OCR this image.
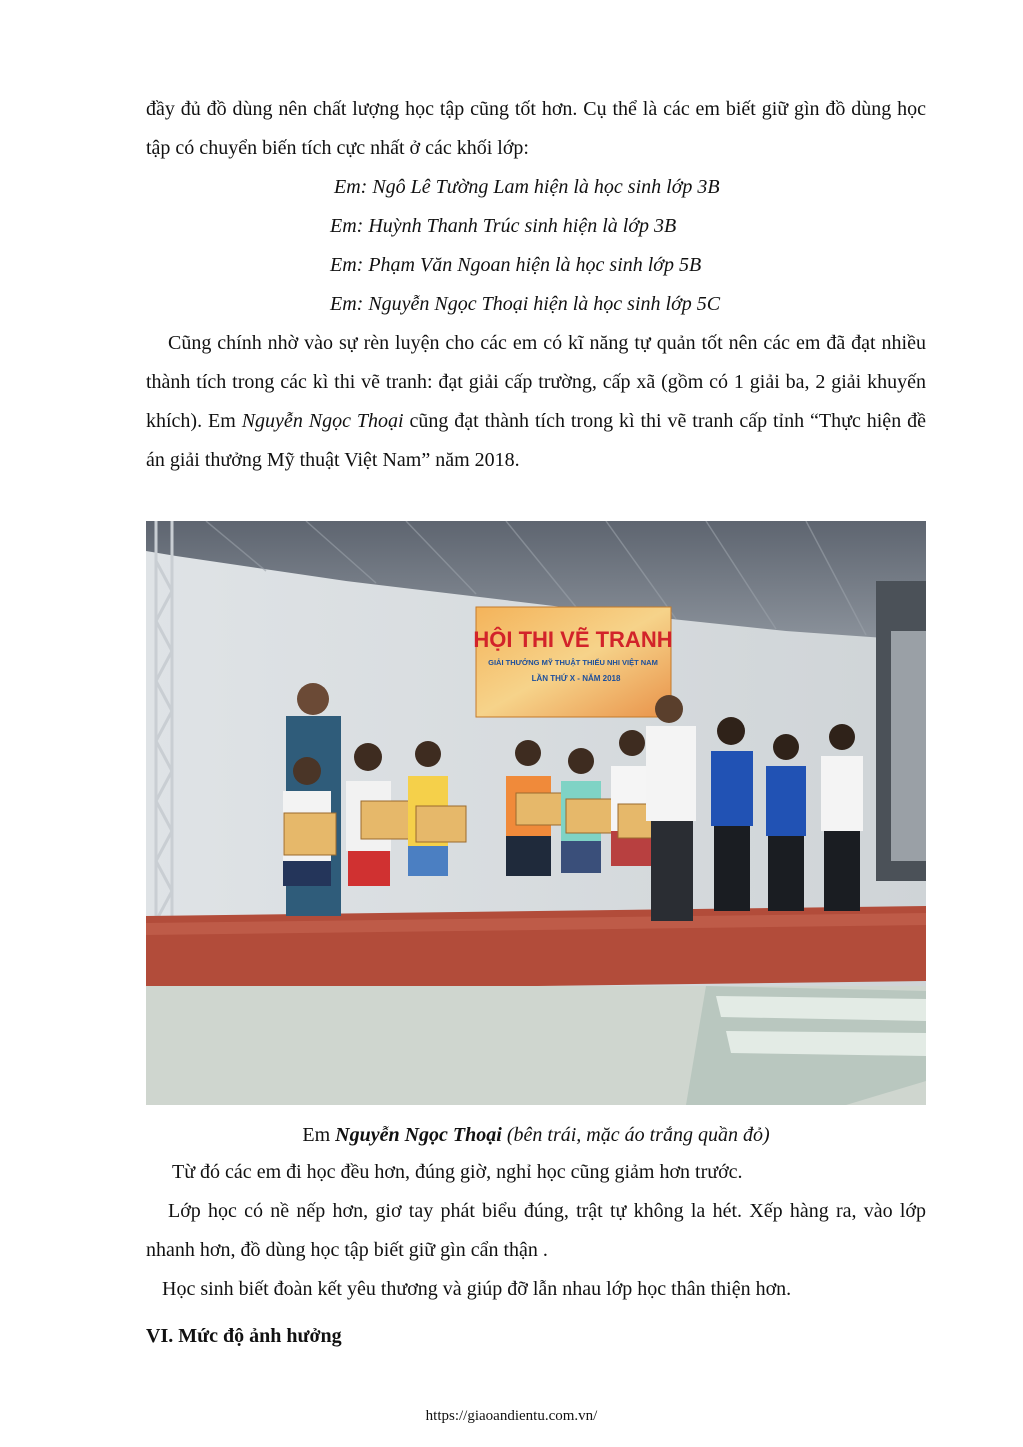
đầy đủ đồ dùng nên chất lượng học tập cũng tốt hơn. Cụ thể là các em biết giữ gìn đồ dùng học tập có chuyển biến tích cực nhất ở các khối lớp:

Em: Ngô Lê Tường Lam hiện là học sinh lớp 3B

Em: Huỳnh Thanh Trúc sinh hiện là lớp 3B

Em: Phạm Văn Ngoan hiện là học sinh lớp 5B

Em: Nguyễn Ngọc Thoại hiện là học sinh lớp 5C

Cũng chính nhờ vào sự rèn luyện cho các em có kĩ năng tự quản tốt nên các em đã đạt nhiều thành tích trong các kì thi vẽ tranh: đạt giải cấp trường, cấp xã (gồm có 1 giải ba, 2 giải khuyến khích). Em Nguyễn Ngọc Thoại cũng đạt thành tích trong kì thi vẽ tranh cấp tỉnh “Thực hiện đề án giải thưởng Mỹ thuật Việt Nam” năm 2018.

HỘI THI VẼ TRANH
GIẢI THƯỞNG MỸ THUẬT THIẾU NHI VIỆT NAM
LẦN THỨ X - NĂM 2018
Em Nguyễn Ngọc Thoại (bên trái, mặc áo trắng quần đỏ)

Từ đó các em đi học đều hơn, đúng giờ, nghỉ học cũng giảm hơn trước.

Lớp học có nề nếp hơn, giơ tay phát biểu đúng, trật tự không la hét. Xếp hàng ra, vào lớp nhanh hơn, đồ dùng học tập biết giữ gìn cẩn thận .

Học sinh biết đoàn kết yêu thương và giúp đỡ lẫn nhau lớp học thân thiện hơn.

VI. Mức độ ảnh hưởng
https://giaoandientu.com.vn/
